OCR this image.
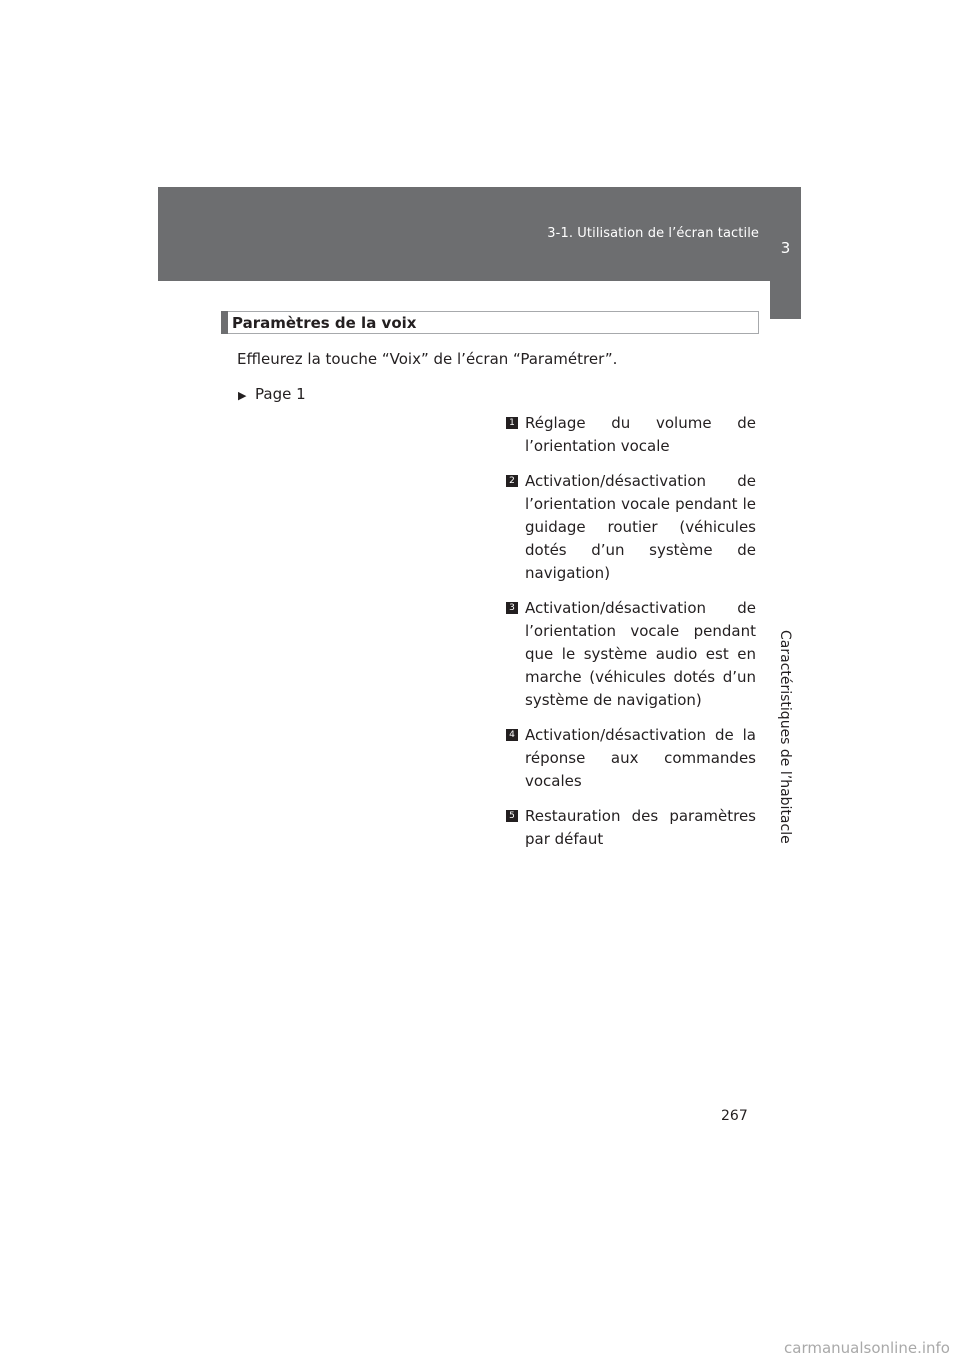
3-1. Utilisation de l’écran tactile
3
Caractéristiques de l’habitacle
Paramètres de la voix
Effleurez la touche “Voix” de l’écran “Paramétrer”.
▶ Page 1
1 Réglage du volume de l’orientation vocale
2 Activation/désactivation de l’orientation vocale pendant le guidage routier (véhicules dotés d’un système de navigation)
3 Activation/désactivation de l’orientation vocale pendant que le système audio est en marche (véhicules dotés d’un système de navigation)
4 Activation/désactivation de la réponse aux commandes vocales
5 Restauration des paramètres par défaut
267
carmanualsonline.info
